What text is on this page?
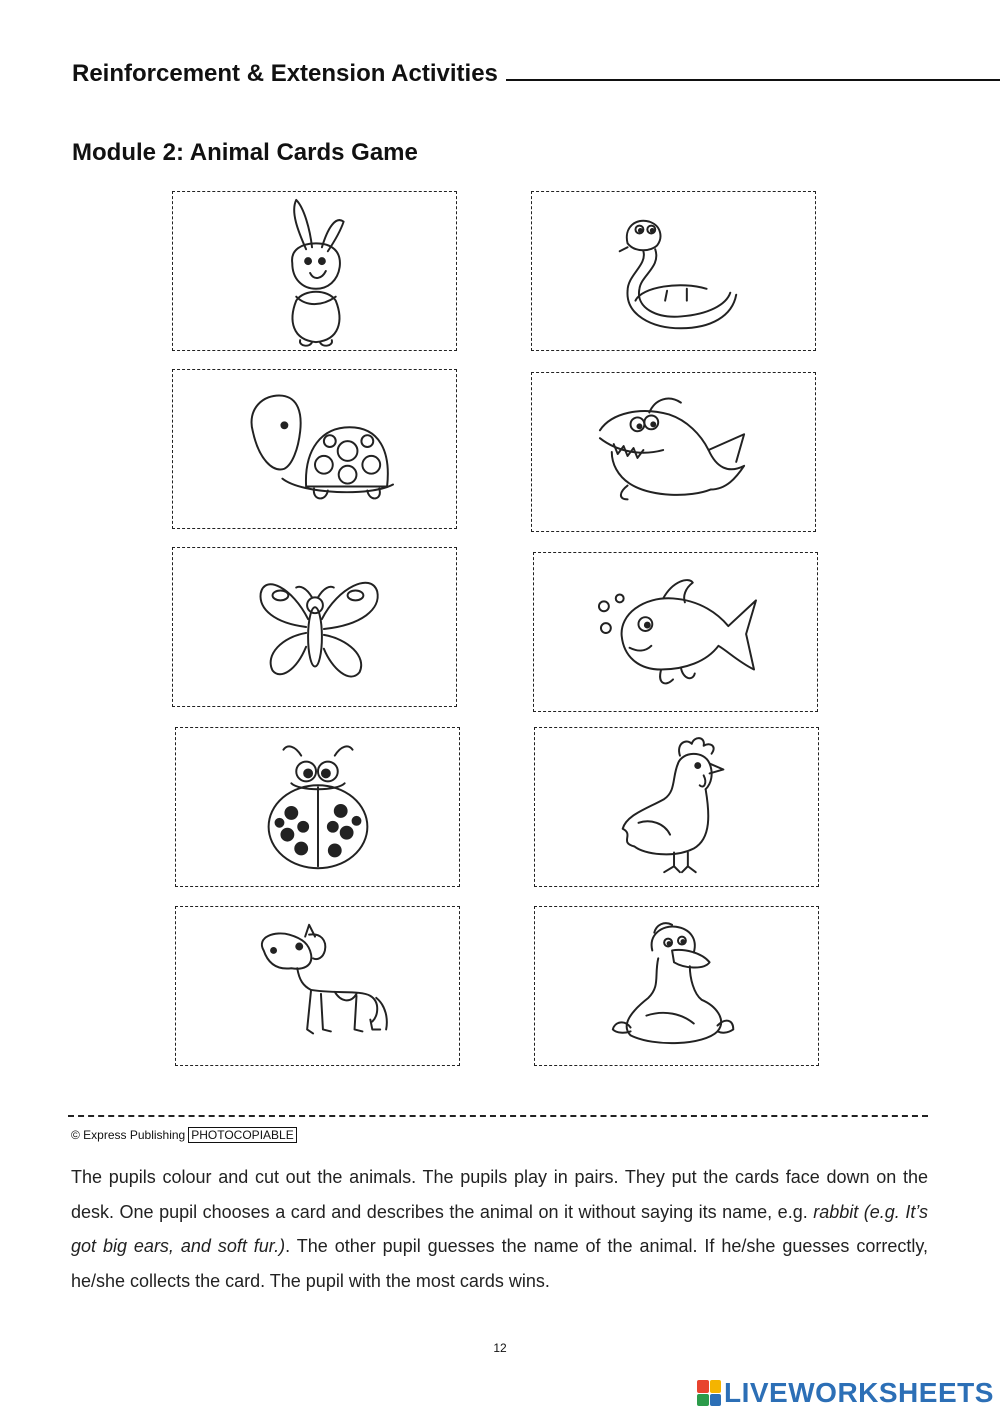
Reinforcement & Extension Activities
Module 2: Animal Cards Game
© Express Publishing PHOTOCOPIABLE

The pupils colour and cut out the animals. The pupils play in pairs. They put the cards face down on the desk. One pupil chooses a card and describes the animal on it without saying its name, e.g. rabbit (e.g. It’s got big ears, and soft fur.). The other pupil guesses the name of the animal. If he/she guesses correctly, he/she collects the card. The pupil with the most cards wins.

12
LIVEWORKSHEETS
